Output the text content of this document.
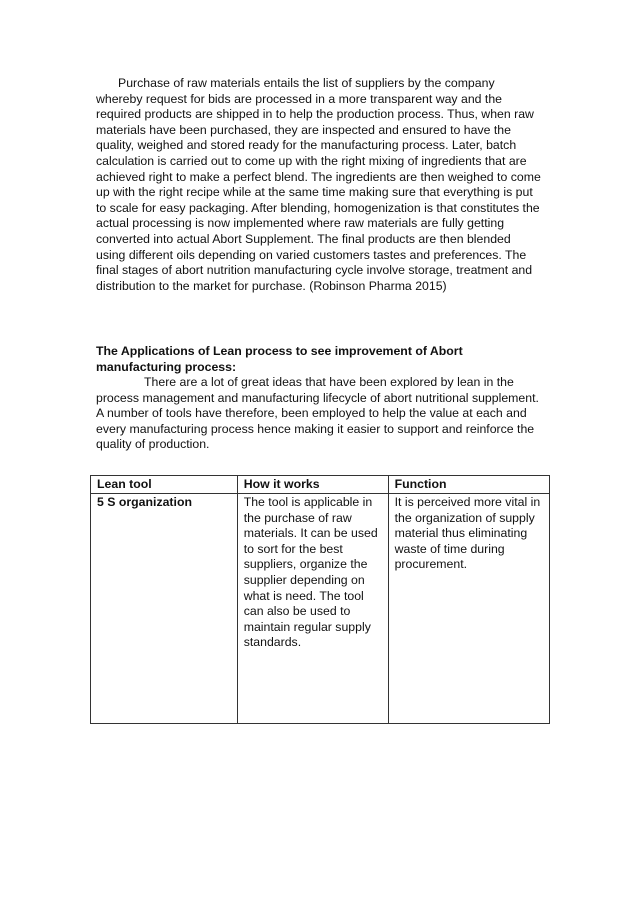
Purchase of raw materials entails the list of suppliers by the company whereby request for bids are processed in a more transparent way and the required products are shipped in to help the production process. Thus, when raw materials have been purchased, they are inspected and ensured to have the quality, weighed and stored ready for the manufacturing process. Later, batch calculation is carried out to come up with the right mixing of ingredients that are achieved right to make a perfect blend. The ingredients are then weighed to come up with the right recipe while at the same time making sure that everything is put to scale for easy packaging. After blending, homogenization is that constitutes the actual processing is now implemented where raw materials are fully getting converted into actual Abort Supplement. The final products are then blended using different oils depending on varied customers tastes and preferences. The final stages of abort nutrition manufacturing cycle involve storage, treatment and distribution to the market for purchase. (Robinson Pharma 2015)

The Applications of Lean process to see improvement of Abort manufacturing process:

There are a lot of great ideas that have been explored by lean in the process management and manufacturing lifecycle of abort nutritional supplement. A number of tools have therefore, been employed to help the value at each and every manufacturing process hence making it easier to support and reinforce the quality of production.

Lean tool	How it works	Function
5 S organization	The tool is applicable in the purchase of raw materials. It can be used to sort for the best suppliers, organize the supplier depending on what is need. The tool can also be used to maintain regular supply standards.	It is perceived more vital in the organization of supply material thus eliminating waste of time during procurement.
